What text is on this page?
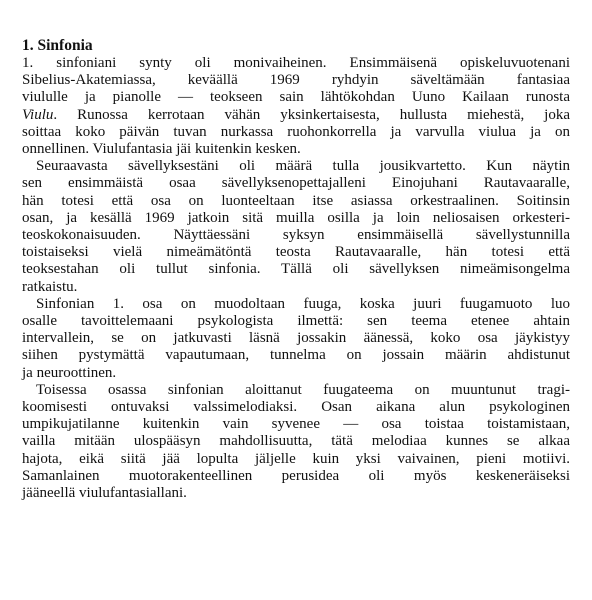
1. Sinfonia

1. sinfoniani synty oli monivaiheinen. Ensimmäisenä opiskeluvuotenani
Sibelius-Akatemiassa, keväällä 1969 ryhdyin säveltämään fantasiaa
viululle ja pianolle — teokseen sain lähtökohdan Uuno Kailaan runosta
Viulu. Runossa kerrotaan vähän yksinkertaisesta, hullusta miehestä, joka
soittaa koko päivän tuvan nurkassa ruohonkorrella ja varvulla viulua ja on
onnellinen. Viulufantasia jäi kuitenkin kesken.

Seuraavasta sävellyksestäni oli määrä tulla jousikvartetto. Kun näytin
sen ensimmäistä osaa sävellyksenopettajalleni Einojuhani Rautavaaralle,
hän totesi että osa on luonteeltaan itse asiassa orkestraalinen. Soitinsin
osan, ja kesällä 1969 jatkoin sitä muilla osilla ja loin neliosaisen orkesteri-
teoskokonaisuuden. Näyttäessäni syksyn ensimmäisellä sävellystunnilla
toistaiseksi vielä nimeämätöntä teosta Rautavaaralle, hän totesi että
teoksestahan oli tullut sinfonia. Tällä oli sävellyksen nimeämisongelma
ratkaistu.

Sinfonian 1. osa on muodoltaan fuuga, koska juuri fuugamuoto luo
osalle tavoittelemaani psykologista ilmettä: sen teema etenee ahtain
intervallein, se on jatkuvasti läsnä jossakin äänessä, koko osa jäykistyy
siihen pystymättä vapautumaan, tunnelma on jossain määrin ahdistunut
ja neuroottinen.

Toisessa osassa sinfonian aloittanut fuugateema on muuntunut tragi-
koomisesti ontuvaksi valssimelodiaksi. Osan aikana alun psykologinen
umpikujatilanne kuitenkin vain syvenee — osa toistaa toistamistaan,
vailla mitään ulospääsyn mahdollisuutta, tätä melodiaa kunnes se alkaa
hajota, eikä siitä jää lopulta jäljelle kuin yksi vaivainen, pieni motiivi.
Samanlainen muotorakenteellinen perusidea oli myös keskeneräiseksi
jääneellä viulufantasiallani.
